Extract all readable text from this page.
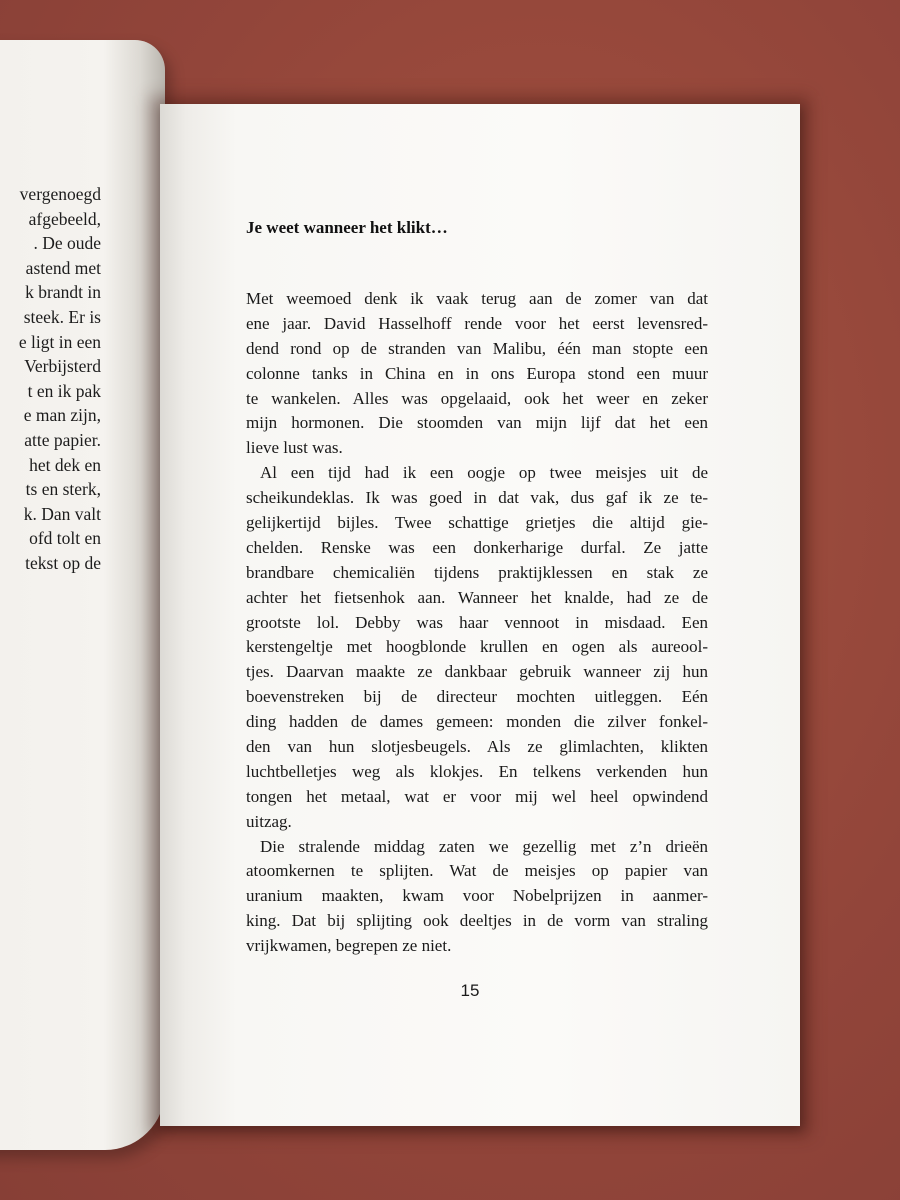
vergenoegd
afgebeeld,
. De oude
astend met
k brandt in
steek. Er is
e ligt in een
Verbijsterd
t en ik pak
e man zijn,
atte papier.
het dek en
ts en sterk,
k. Dan valt
ofd tolt en
tekst op de
Je weet wanneer het klikt…
Met weemoed denk ik vaak terug aan de zomer van dat
ene jaar. David Hasselhoff rende voor het eerst levensred-
dend rond op de stranden van Malibu, één man stopte een
colonne tanks in China en in ons Europa stond een muur
te wankelen. Alles was opgelaaid, ook het weer en zeker
mijn hormonen. Die stoomden van mijn lijf dat het een
lieve lust was.
Al een tijd had ik een oogje op twee meisjes uit de
scheikundeklas. Ik was goed in dat vak, dus gaf ik ze te-
gelijkertijd bijles. Twee schattige grietjes die altijd gie-
chelden. Renske was een donkerharige durfal. Ze jatte
brandbare chemicaliën tijdens praktijklessen en stak ze
achter het fietsenhok aan. Wanneer het knalde, had ze de
grootste lol. Debby was haar vennoot in misdaad. Een
kerstengeltje met hoogblonde krullen en ogen als aureool-
tjes. Daarvan maakte ze dankbaar gebruik wanneer zij hun
boevenstreken bij de directeur mochten uitleggen. Eén
ding hadden de dames gemeen: monden die zilver fonkel-
den van hun slotjesbeugels. Als ze glimlachten, klikten
luchtbelletjes weg als klokjes. En telkens verkenden hun
tongen het metaal, wat er voor mij wel heel opwindend
uitzag.
Die stralende middag zaten we gezellig met z’n drieën
atoomkernen te splijten. Wat de meisjes op papier van
uranium maakten, kwam voor Nobelprijzen in aanmer-
king. Dat bij splijting ook deeltjes in de vorm van straling
vrijkwamen, begrepen ze niet.
15
